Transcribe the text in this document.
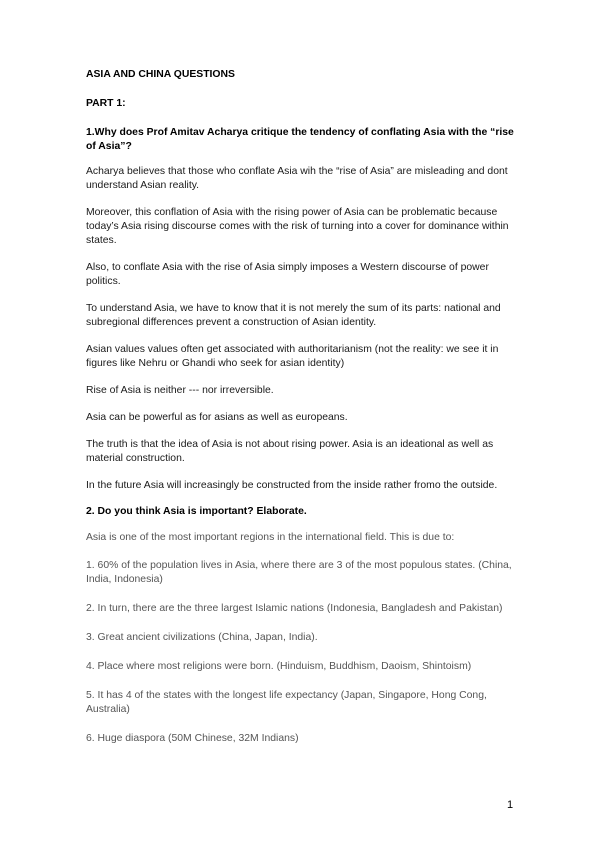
ASIA AND CHINA QUESTIONS

PART 1:

1.Why does Prof Amitav Acharya critique the tendency of conflating Asia with the “rise of Asia”?

Acharya believes that those who conflate Asia wih the “rise of Asia” are misleading and dont understand Asian reality.

Moreover, this conflation of Asia with the rising power of Asia can be problematic because today’s Asia rising discourse comes with the risk of turning into a cover for dominance within states.

Also, to conflate Asia with the rise of Asia simply imposes a Western discourse of power politics.

To understand Asia, we have to know that it is not merely the sum of its parts: national and subregional differences prevent a construction of Asian identity.

Asian values values often get associated with authoritarianism (not the reality: we see it in figures like Nehru or Ghandi who seek for asian identity)

Rise of Asia is neither --- nor irreversible.

Asia can be powerful as for asians as well as europeans.

The truth is that the idea of Asia is not about rising power. Asia is an ideational as well as material construction.

In the future Asia will increasingly be constructed from the inside rather fromo the outside.

2. Do you think Asia is important? Elaborate.

Asia is one of the most important regions in the international field. This is due to:

1. 60% of the population lives in Asia, where there are 3 of the most populous states. (China, India, Indonesia)

2. In turn, there are the three largest Islamic nations (Indonesia, Bangladesh and Pakistan)

3. Great ancient civilizations (China, Japan, India).

4. Place where most religions were born. (Hinduism, Buddhism, Daoism, Shintoism)

5. It has 4 of the states with the longest life expectancy (Japan, Singapore, Hong Cong, Australia)

6. Huge diaspora (50M Chinese, 32M Indians)

1
